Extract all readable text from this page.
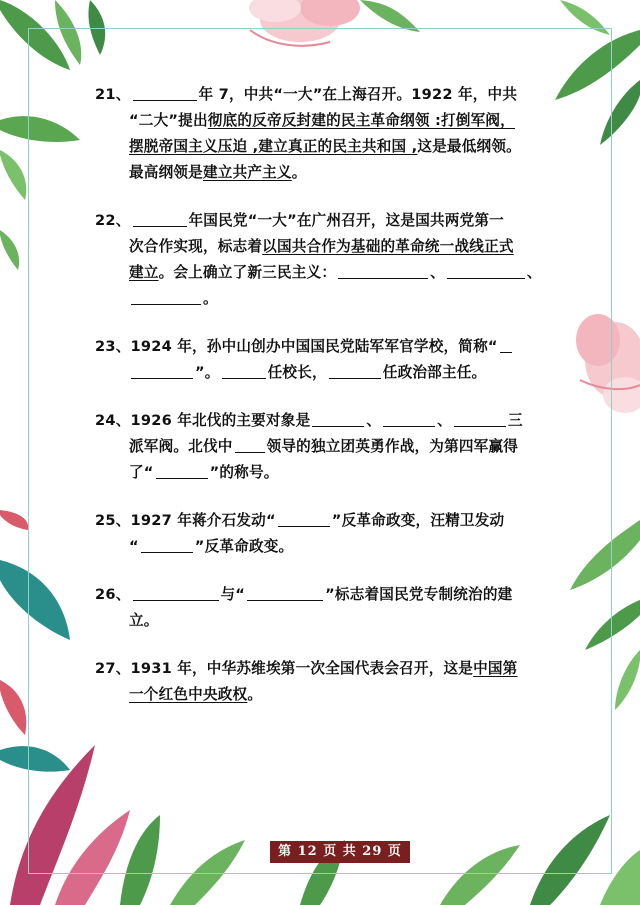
21、	年 7，中共“一大”在上海召开。1922 年，中共
“二大”提出彻底的反帝反封建的民主革命纲领 :打倒军阀，
摆脱帝国主义压迫 ,建立真正的民主共和国 ,这是最低纲领。
最高纲领是建立共产主义。
22、	年国民党“一大”在广州召开，这是国共两党第一
次合作实现，标志着以国共合作为基础的革命统一战线正式
建立。会上确立了新三民主义：	、	、
。
23、1924 年，孙中山创办中国国民党陆军军官学校，简称“
”。	任校长，	任政治部主任。
24、1926 年北伐的主要对象是	、	、	三
派军阀。北伐中 领导的独立团英勇作战，为第四军赢得
了“	”的称号。
25、1927 年蒋介石发动“	”反革命政变，汪精卫发动
“	”反革命政变。
26、	与“	”标志着国民党专制统治的建
立。
27、1931 年，中华苏维埃第一次全国代表会召开，这是中国第
一个红色中央政权。
第 12 页 共 29 页
